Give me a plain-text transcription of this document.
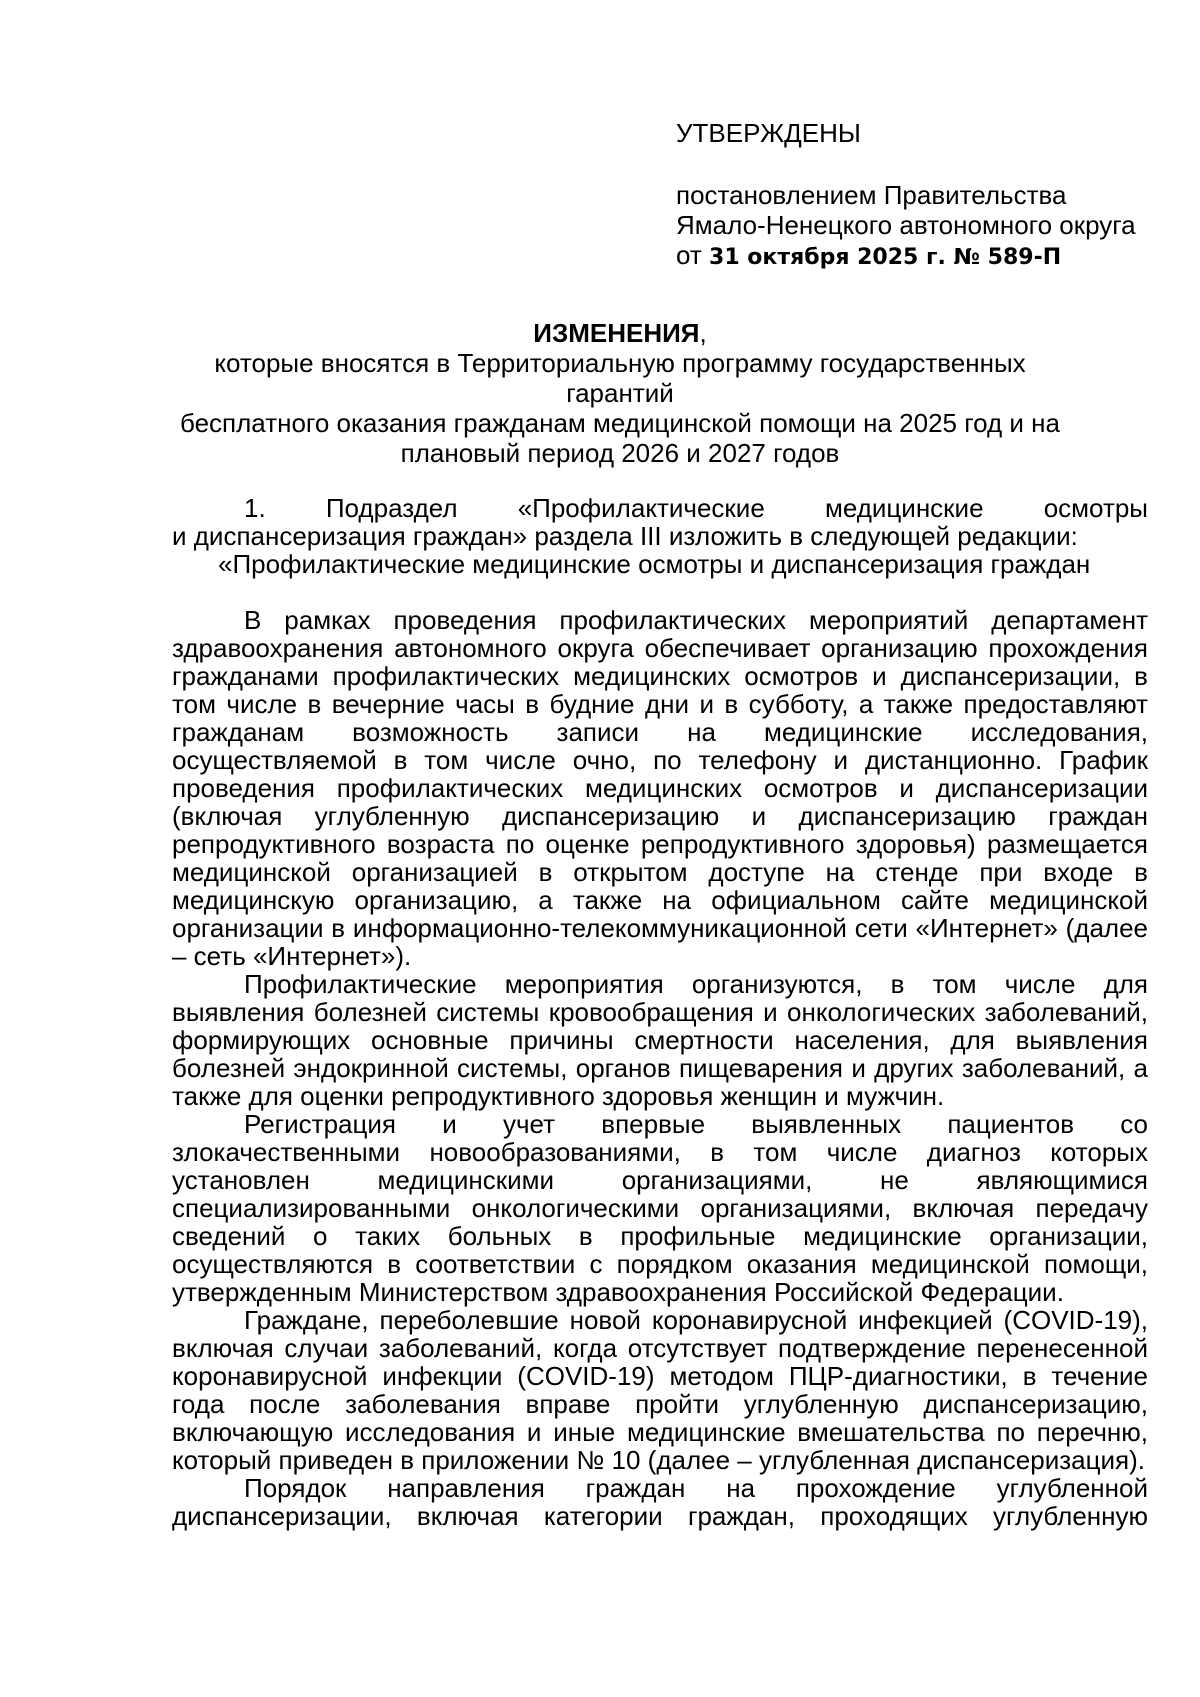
УТВЕРЖДЕНЫ
постановлением Правительства
Ямало-Ненецкого автономного округа
от 31 октября 2025 г. № 589-П
ИЗМЕНЕНИЯ,
которые вносятся в Территориальную программу государственных гарантий
бесплатного оказания гражданам медицинской помощи на 2025 год и на
плановый период 2026 и 2027 годов
1. Подраздел «Профилактические медицинские осмотры
и диспансеризация граждан» раздела III изложить в следующей редакции:
«Профилактические медицинские осмотры и диспансеризация граждан
В рамках проведения профилактических мероприятий департамент здравоохранения автономного округа обеспечивает организацию прохождения гражданами профилактических медицинских осмотров и диспансеризации, в том числе в вечерние часы в будние дни и в субботу, а также предоставляют гражданам возможность записи на медицинские исследования, осуществляемой в том числе очно, по телефону и дистанционно. График проведения профилактических медицинских осмотров и диспансеризации (включая углубленную диспансеризацию и диспансеризацию граждан репродуктивного возраста по оценке репродуктивного здоровья) размещается медицинской организацией в открытом доступе на стенде при входе в медицинскую организацию, а также на официальном сайте медицинской организации в информационно-телекоммуникационной сети «Интернет» (далее – сеть «Интернет»).
Профилактические мероприятия организуются, в том числе для выявления болезней системы кровообращения и онкологических заболеваний, формирующих основные причины смертности населения, для выявления болезней эндокринной системы, органов пищеварения и других заболеваний, а также для оценки репродуктивного здоровья женщин и мужчин.
Регистрация и учет впервые выявленных пациентов со злокачественными новообразованиями, в том числе диагноз которых установлен медицинскими организациями, не являющимися специализированными онкологическими организациями, включая передачу сведений о таких больных в профильные медицинские организации, осуществляются в соответствии с порядком оказания медицинской помощи, утвержденным Министерством здравоохранения Российской Федерации.
Граждане, переболевшие новой коронавирусной инфекцией (COVID-19), включая случаи заболеваний, когда отсутствует подтверждение перенесенной коронавирусной инфекции (COVID-19) методом ПЦР-диагностики, в течение года после заболевания вправе пройти углубленную диспансеризацию, включающую исследования и иные медицинские вмешательства по перечню, который приведен в приложении № 10 (далее – углубленная диспансеризация).
Порядок направления граждан на прохождение углубленной диспансеризации, включая категории граждан, проходящих углубленную
